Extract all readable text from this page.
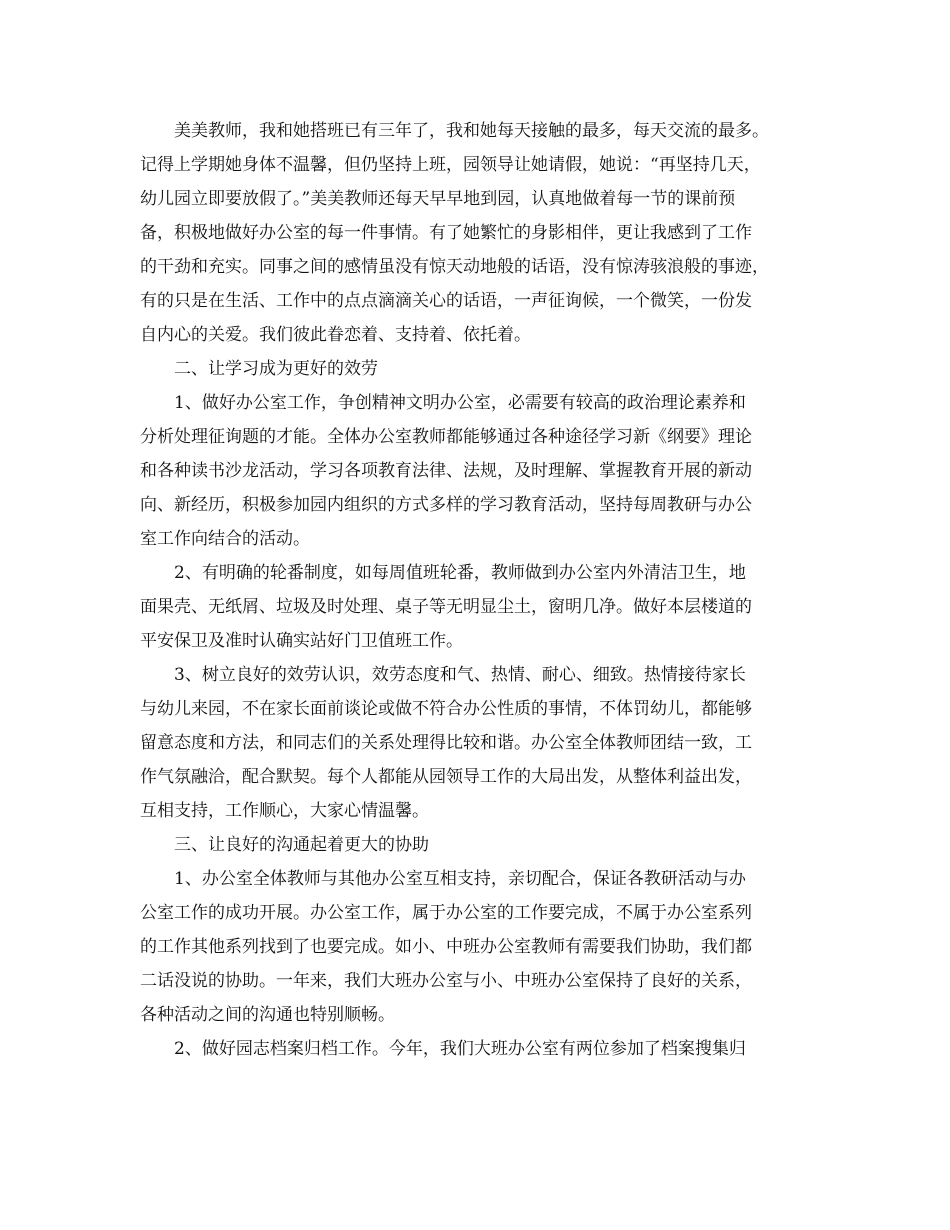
美美教师，我和她搭班已有三年了，我和她每天接触的最多，每天交流的最多。
记得上学期她身体不温馨，但仍坚持上班，园领导让她请假，她说：“再坚持几天，
幼儿园立即要放假了。”美美教师还每天早早地到园，认真地做着每一节的课前预
备，积极地做好办公室的每一件事情。有了她繁忙的身影相伴，更让我感到了工作
的干劲和充实。同事之间的感情虽没有惊天动地般的话语，没有惊涛骇浪般的事迹，
有的只是在生活、工作中的点点滴滴关心的话语，一声征询候，一个微笑，一份发
自内心的关爱。我们彼此眷恋着、支持着、依托着。

二、让学习成为更好的效劳

1、做好办公室工作，争创精神文明办公室，必需要有较高的政治理论素养和
分析处理征询题的才能。全体办公室教师都能够通过各种途径学习新《纲要》理论
和各种读书沙龙活动，学习各项教育法律、法规，及时理解、掌握教育开展的新动
向、新经历，积极参加园内组织的方式多样的学习教育活动，坚持每周教研与办公
室工作向结合的活动。

2、有明确的轮番制度，如每周值班轮番，教师做到办公室内外清洁卫生，地
面果壳、无纸屑、垃圾及时处理、桌子等无明显尘土，窗明几净。做好本层楼道的
平安保卫及准时认确实站好门卫值班工作。

3、树立良好的效劳认识，效劳态度和气、热情、耐心、细致。热情接待家长
与幼儿来园，不在家长面前谈论或做不符合办公性质的事情，不体罚幼儿，都能够
留意态度和方法，和同志们的关系处理得比较和谐。办公室全体教师团结一致，工
作气氛融洽，配合默契。每个人都能从园领导工作的大局出发，从整体利益出发，
互相支持，工作顺心，大家心情温馨。

三、让良好的沟通起着更大的协助

1、办公室全体教师与其他办公室互相支持，亲切配合，保证各教研活动与办
公室工作的成功开展。办公室工作，属于办公室的工作要完成，不属于办公室系列
的工作其他系列找到了也要完成。如小、中班办公室教师有需要我们协助，我们都
二话没说的协助。一年来，我们大班办公室与小、中班办公室保持了良好的关系，
各种活动之间的沟通也特别顺畅。

2、做好园志档案归档工作。今年，我们大班办公室有两位参加了档案搜集归
